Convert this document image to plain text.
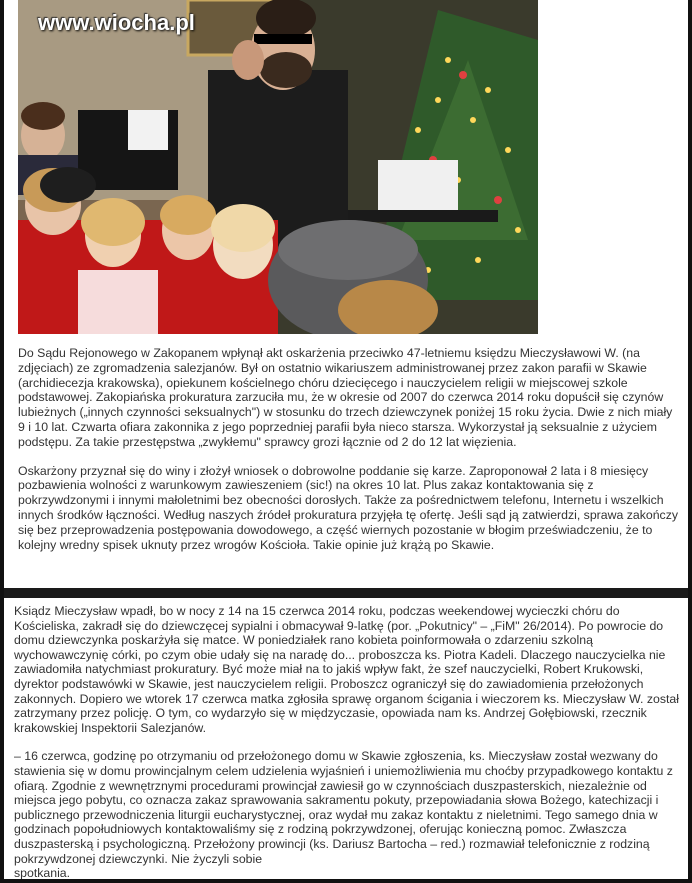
www.wiocha.pl

Do Sądu Rejonowego w Zakopanem wpłynął akt oskarżenia przeciwko 47-letniemu księdzu Mieczysławowi W. (na zdjęciach) ze zgromadzenia salezjanów. Był on ostatnio wikariuszem administrowanej przez zakon parafii w Skawie (archidiecezja krakowska), opiekunem kościelnego chóru dziecięcego i nauczycielem religii w miejscowej szkole podstawowej. Zakopiańska prokuratura zarzuciła mu, że w okresie od 2007 do czerwca 2014 roku dopuścił się czynów lubieżnych („innych czynności seksualnych") w stosunku do trzech dziewczynek poniżej 15 roku życia. Dwie z nich miały 9 i 10 lat. Czwarta ofiara zakonnika z jego poprzedniej parafii była nieco starsza. Wykorzystał ją seksualnie z użyciem podstępu. Za takie przestępstwa „zwykłemu" sprawcy grozi łącznie od 2 do 12 lat więzienia.

Oskarżony przyznał się do winy i złożył wniosek o dobrowolne poddanie się karze. Zaproponował 2 lata i 8 miesięcy pozbawienia wolności z warunkowym zawieszeniem (sic!) na okres 10 lat. Plus zakaz kontaktowania się z pokrzywdzonymi i innymi małoletnimi bez obecności dorosłych. Także za pośrednictwem telefonu, Internetu i wszelkich innych środków łączności. Według naszych źródeł prokuratura przyjęła tę ofertę. Jeśli sąd ją zatwierdzi, sprawa zakończy się bez przeprowadzenia postępowania dowodowego, a część wiernych pozostanie w błogim przeświadczeniu, że to kolejny wredny spisek uknuty przez wrogów Kościoła. Takie opinie już krążą po Skawie.

Ksiądz Mieczysław wpadł, bo w nocy z 14 na 15 czerwca 2014 roku, podczas weekendowej wycieczki chóru do Kościeliska, zakradł się do dziewczęcej sypialni i obmacywał 9-latkę (por. „Pokutnicy" – „FiM" 26/2014). Po powrocie do domu dziewczynka poskarżyła się matce. W poniedziałek rano kobieta poinformowała o zdarzeniu szkolną wychowawczynię córki, po czym obie udały się na naradę do... proboszcza ks. Piotra Kadeli. Dlaczego nauczycielka nie zawiadomiła natychmiast prokuratury. Być może miał na to jakiś wpływ fakt, że szef nauczycielki, Robert Krukowski, dyrektor podstawówki w Skawie, jest nauczycielem religii. Proboszcz ograniczył się do zawiadomienia przełożonych zakonnych. Dopiero we wtorek 17 czerwca matka zgłosiła sprawę organom ścigania i wieczorem ks. Mieczysław W. został zatrzymany przez policję. O tym, co wydarzyło się w międzyczasie, opowiada nam ks. Andrzej Gołębiowski, rzecznik krakowskiej Inspektorii Salezjanów.

– 16 czerwca, godzinę po otrzymaniu od przełożonego domu w Skawie zgłoszenia, ks. Mieczysław został wezwany do stawienia się w domu prowincjalnym celem udzielenia wyjaśnień i uniemożliwienia mu choćby przypadkowego kontaktu z ofiarą. Zgodnie z wewnętrznymi procedurami prowincjał zawiesił go w czynnościach duszpasterskich, niezależnie od miejsca jego pobytu, co oznacza zakaz sprawowania sakramentu pokuty, przepowiadania słowa Bożego, katechizacji i publicznego przewodniczenia liturgii eucharystycznej, oraz wydał mu zakaz kontaktu z nieletnimi. Tego samego dnia w godzinach popołudniowych kontaktowaliśmy się z rodziną pokrzywdzonej, oferując konieczną pomoc. Zwłaszcza duszpasterską i psychologiczną. Przełożony prowincji (ks. Dariusz Bartocha – red.) rozmawiał telefonicznie z rodziną pokrzywdzonej dziewczynki. Nie życzyli sobie

spotkania.
